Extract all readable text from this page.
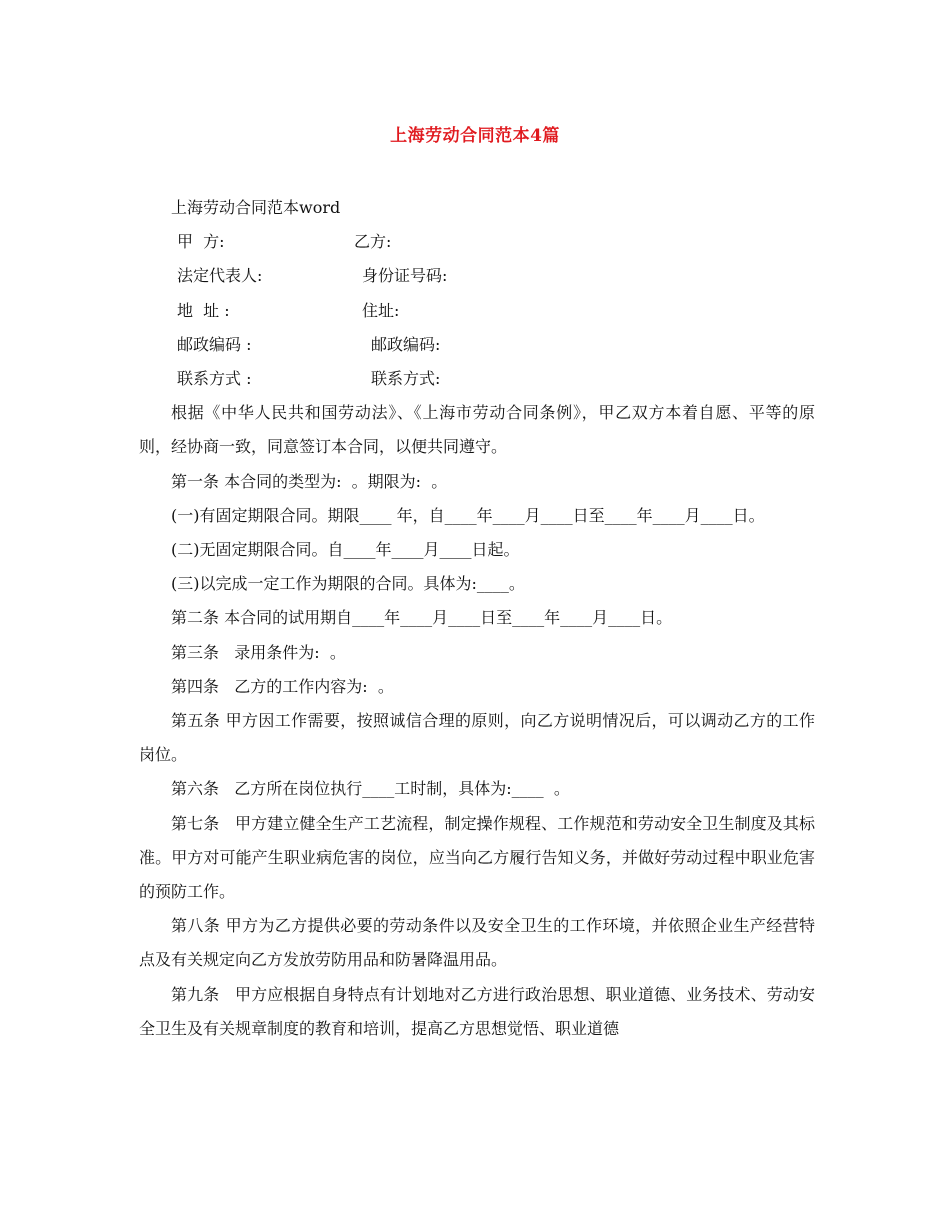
上海劳动合同范本4篇

上海劳动合同范本word

甲  方:

	乙方:

法定代表人:

	身份证号码:

地  址 :

	住址:

邮政编码 :

	邮政编码:

联系方式 :

	联系方式:

根据《中华人民共和国劳动法》、《上海市劳动合同条例》，甲乙双方本着自愿、平等的原则，经协商一致，同意签订本合同，以便共同遵守。

第一条 本合同的类型为:  。期限为:  。

(一)有固定期限合同。期限____ 年，自____年____月____日至____年____月____日。

(二)无固定期限合同。自____年____月____日起。

(三)以完成一定工作为期限的合同。具体为:____。

第二条 本合同的试用期自____年____月____日至____年____月____日。

第三条   录用条件为:  。

第四条   乙方的工作内容为:  。

第五条 甲方因工作需要，按照诚信合理的原则，向乙方说明情况后，可以调动乙方的工作岗位。

第六条   乙方所在岗位执行____工时制，具体为:____  。

第七条   甲方建立健全生产工艺流程，制定操作规程、工作规范和劳动安全卫生制度及其标准。甲方对可能产生职业病危害的岗位，应当向乙方履行告知义务，并做好劳动过程中职业危害的预防工作。

第八条 甲方为乙方提供必要的劳动条件以及安全卫生的工作环境，并依照企业生产经营特点及有关规定向乙方发放劳防用品和防暑降温用品。

第九条   甲方应根据自身特点有计划地对乙方进行政治思想、职业道德、业务技术、劳动安全卫生及有关规章制度的教育和培训，提高乙方思想觉悟、职业道德
